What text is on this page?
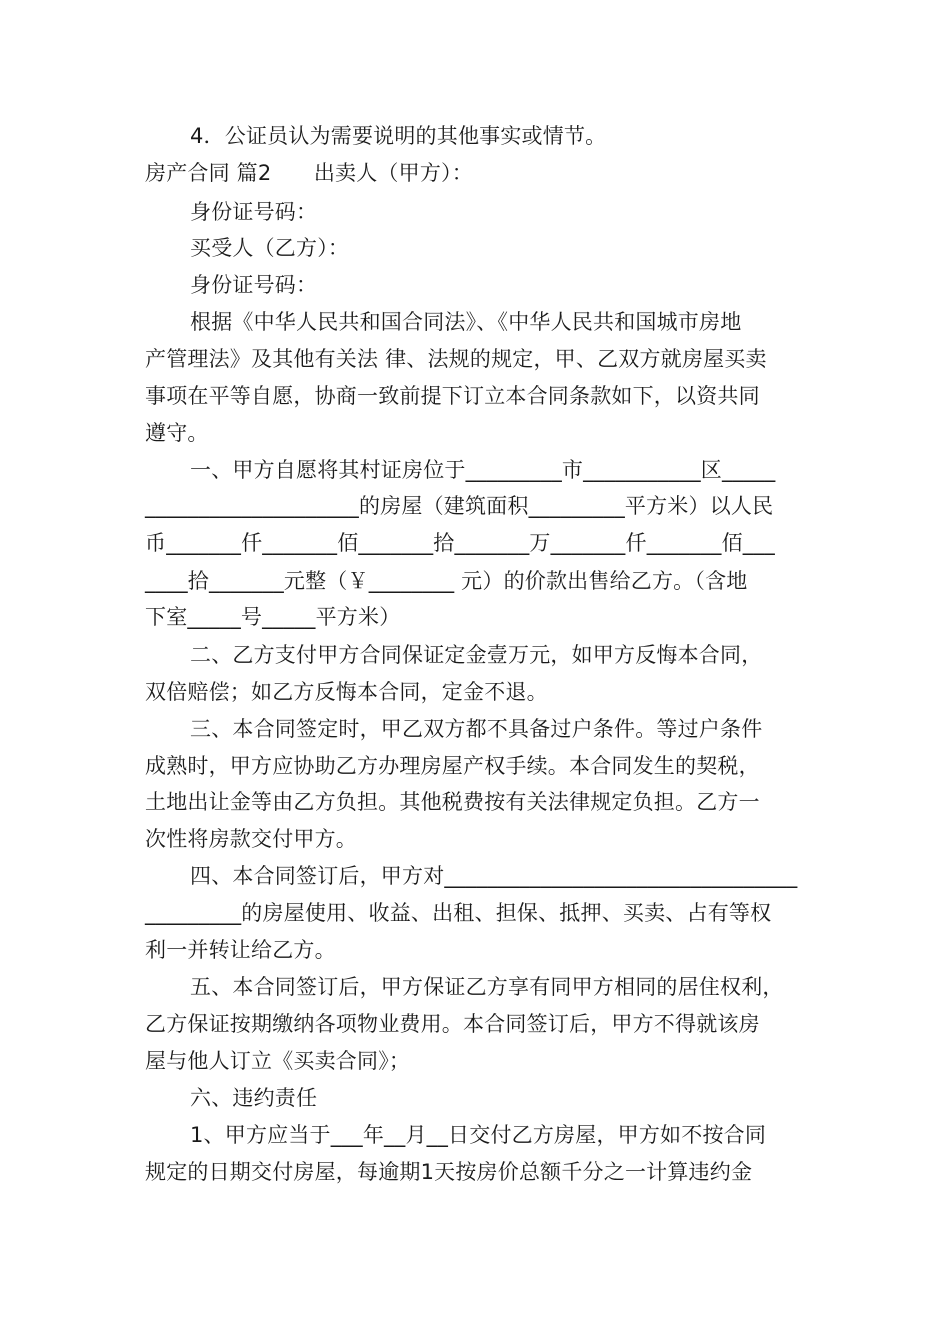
4．公证员认为需要说明的其他事实或情节。
房产合同 篇2　　出卖人（甲方）：
身份证号码：
买受人（乙方）：
身份证号码：
根据《中华人民共和国合同法》、《中华人民共和国城市房地
产管理法》及其他有关法 律、法规的规定，甲、乙双方就房屋买卖
事项在平等自愿，协商一致前提下订立本合同条款如下，以资共同
遵守。
一、甲方自愿将其村证房位于_________市___________区_____
____________________的房屋（建筑面积_________平方米）以人民
币_______仟_______佰_______拾_______万_______仟_______佰___
____拾_______元整（￥________ 元）的价款出售给乙方。（含地
下室_____号_____平方米）
二、乙方支付甲方合同保证定金壹万元，如甲方反悔本合同，
双倍赔偿；如乙方反悔本合同，定金不退。
三、本合同签定时，甲乙双方都不具备过户条件。等过户条件
成熟时，甲方应协助乙方办理房屋产权手续。本合同发生的契税，
土地出让金等由乙方负担。其他税费按有关法律规定负担。乙方一
次性将房款交付甲方。
四、本合同签订后，甲方对_________________________________
_________的房屋使用、收益、出租、担保、抵押、买卖、占有等权
利一并转让给乙方。
五、本合同签订后，甲方保证乙方享有同甲方相同的居住权利，
乙方保证按期缴纳各项物业费用。本合同签订后，甲方不得就该房
屋与他人订立《买卖合同》；
六、违约责任
1、甲方应当于___年__月__日交付乙方房屋，甲方如不按合同
规定的日期交付房屋，每逾期1天按房价总额千分之一计算违约金
